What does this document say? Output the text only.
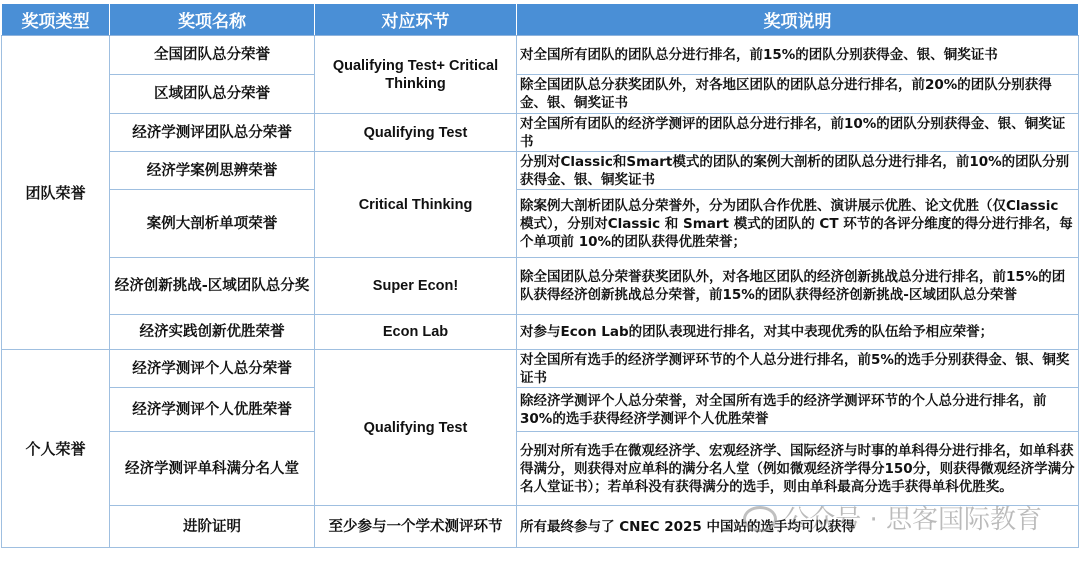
奖项类型	奖项名称	对应环节	奖项说明
团队荣誉	全国团队总分荣誉	Qualifying Test+ Critical Thinking	对全国所有团队的团队总分进行排名，前15%的团队分别获得金、银、铜奖证书
	区域团队总分荣誉		除全国团队总分获奖团队外，对各地区团队的团队总分进行排名，前20%的团队分别获得金、银、铜奖证书
	经济学测评团队总分荣誉	Qualifying Test	对全国所有团队的经济学测评的团队总分进行排名，前10%的团队分别获得金、银、铜奖证书
	经济学案例思辨荣誉	Critical Thinking	分别对Classic和Smart模式的团队的案例大剖析的团队总分进行排名，前10%的团队分别获得金、银、铜奖证书
	案例大剖析单项荣誉		除案例大剖析团队总分荣誉外，分为团队合作优胜、演讲展示优胜、论文优胜（仅Classic 模式），分别对Classic 和 Smart 模式的团队的 CT 环节的各评分维度的得分进行排名，每个单项前 10%的团队获得优胜荣誉；
	经济创新挑战-区域团队总分奖	Super Econ!	除全国团队总分荣誉获奖团队外，对各地区团队的经济创新挑战总分进行排名，前15%的团队获得经济创新挑战总分荣誉，前15%的团队获得经济创新挑战-区域团队总分荣誉
	经济实践创新优胜荣誉	Econ Lab	对参与Econ Lab的团队表现进行排名，对其中表现优秀的队伍给予相应荣誉；
个人荣誉	经济学测评个人总分荣誉	Qualifying Test	对全国所有选手的经济学测评环节的个人总分进行排名，前5%的选手分别获得金、银、铜奖证书
	经济学测评个人优胜荣誉		除经济学测评个人总分荣誉，对全国所有选手的经济学测评环节的个人总分进行排名，前30%的选手获得经济学测评个人优胜荣誉
	经济学测评单科满分名人堂		分别对所有选手在微观经济学、宏观经济学、国际经济与时事的单科得分进行排名，如单科获得满分，则获得对应单科的满分名人堂（例如微观经济学得分150分，则获得微观经济学满分名人堂证书）；若单科没有获得满分的选手，则由单科最高分选手获得单科优胜奖。
	进阶证明	至少参与一个学术测评环节	所有最终参与了 CNEC 2025 中国站的选手均可以获得
公众号 · 思客国际教育
